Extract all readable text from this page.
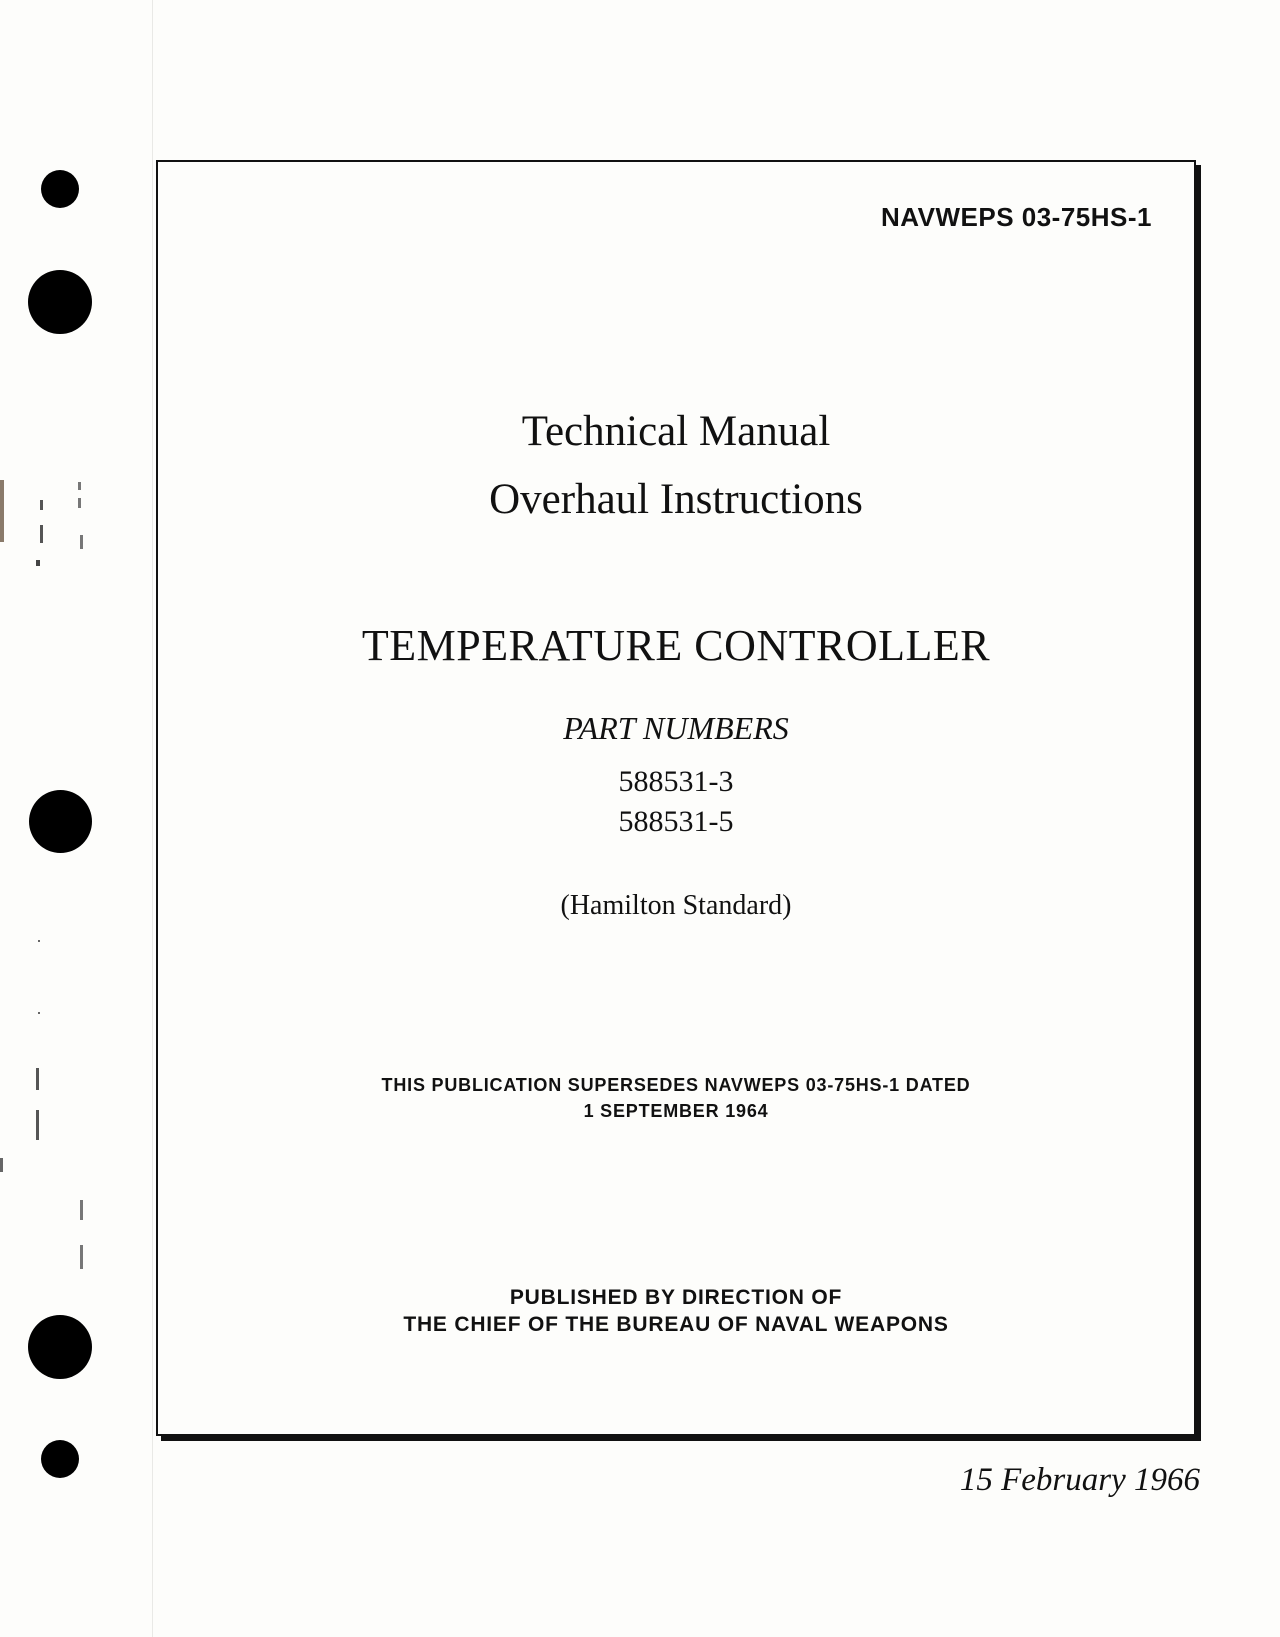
NAVWEPS 03-75HS-1
Technical Manual
Overhaul Instructions
TEMPERATURE CONTROLLER
PART NUMBERS
588531-3
588531-5
(Hamilton Standard)
THIS PUBLICATION SUPERSEDES NAVWEPS 03-75HS-1 DATED
1 SEPTEMBER 1964
PUBLISHED BY DIRECTION OF
THE CHIEF OF THE BUREAU OF NAVAL WEAPONS
15 February 1966
